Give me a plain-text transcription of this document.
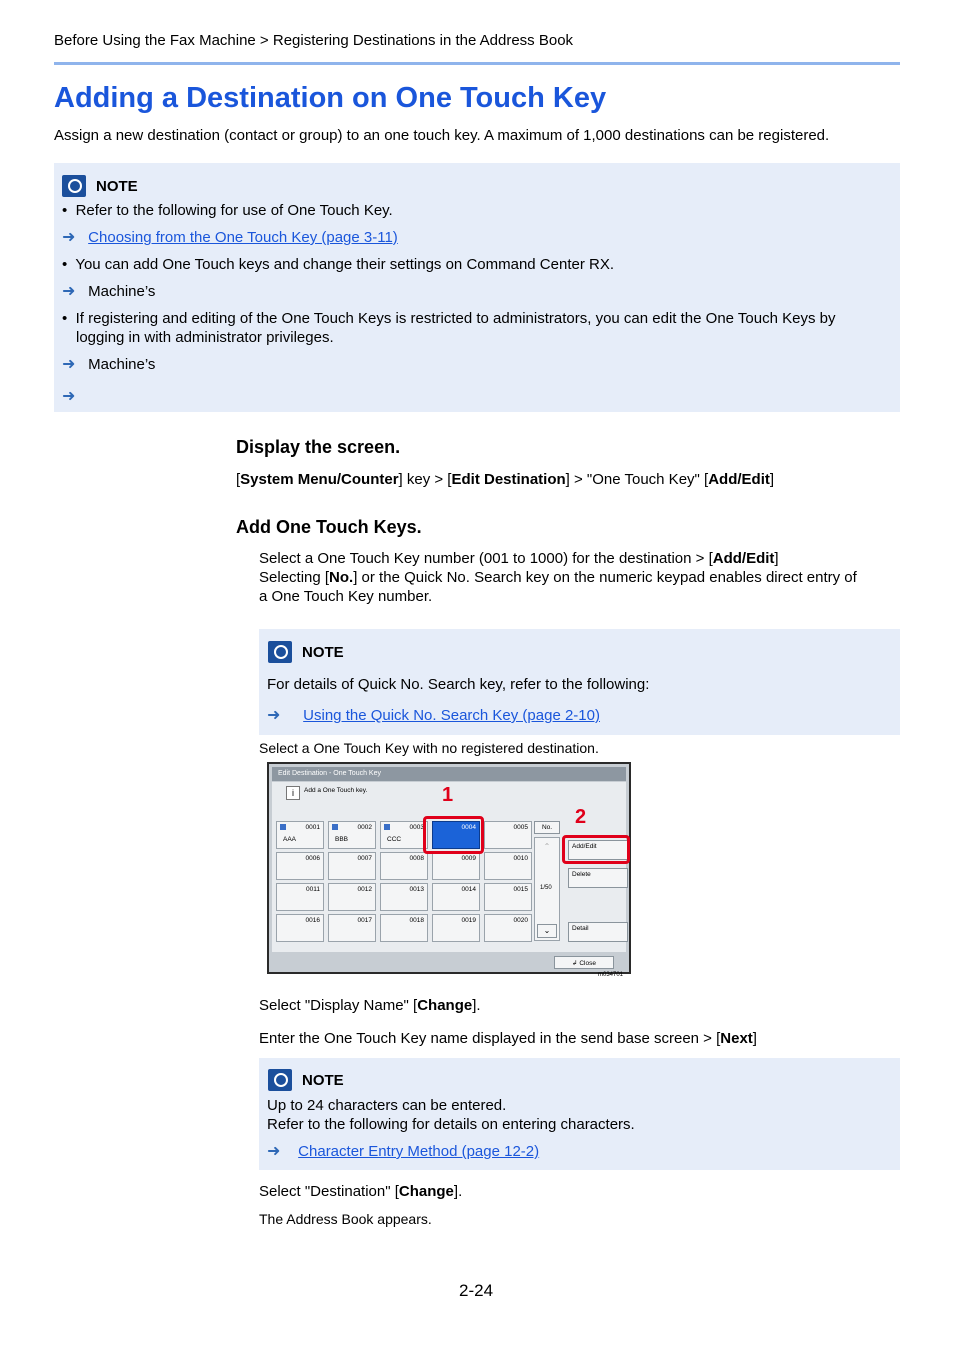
Before Using the Fax Machine > Registering Destinations in the Address Book
Adding a Destination on One Touch Key
Assign a new destination (contact or group) to an one touch key. A maximum of 1,000 destinations can be registered.
NOTE
•  Refer to the following for use of One Touch Key.
➜ Choosing from the One Touch Key (page 3-11)
•  You can add One Touch keys and change their settings on Command Center RX.
➜ Machine’s
•  If registering and editing of the One Touch Keys is restricted to administrators, you can edit the One Touch Keys by
logging in with administrator privileges.
➜ Machine’s
➜
Display the screen.
[System Menu/Counter] key > [Edit Destination] > "One Touch Key" [Add/Edit]
Add One Touch Keys.
Select a One Touch Key number (001 to 1000) for the destination > [Add/Edit]
Selecting [No.] or the Quick No. Search key on the numeric keypad enables direct entry of
a One Touch Key number.
NOTE
For details of Quick No. Search key, refer to the following:
➜ Using the Quick No. Search Key (page 2-10)
Select a One Touch Key with no registered destination.
Edit Destination - One Touch Key
i	Add a One Touch key.
0001
AAA
0002
BBB
0003
CCC
0004	0005
0006	0007	0008	0009	0010
0011	0012	0013	0014	0015
0016	0017	0018	0019	0020
No.
⌃
1/50
⌄
Add/Edit
Delete
Detail
↲ Close
1
2
m034701
Select "Display Name" [Change].
Enter the One Touch Key name displayed in the send base screen > [Next]
NOTE
Up to 24 characters can be entered.
Refer to the following for details on entering characters.
➜ Character Entry Method (page 12-2)
Select "Destination" [Change].
The Address Book appears.
2-24
